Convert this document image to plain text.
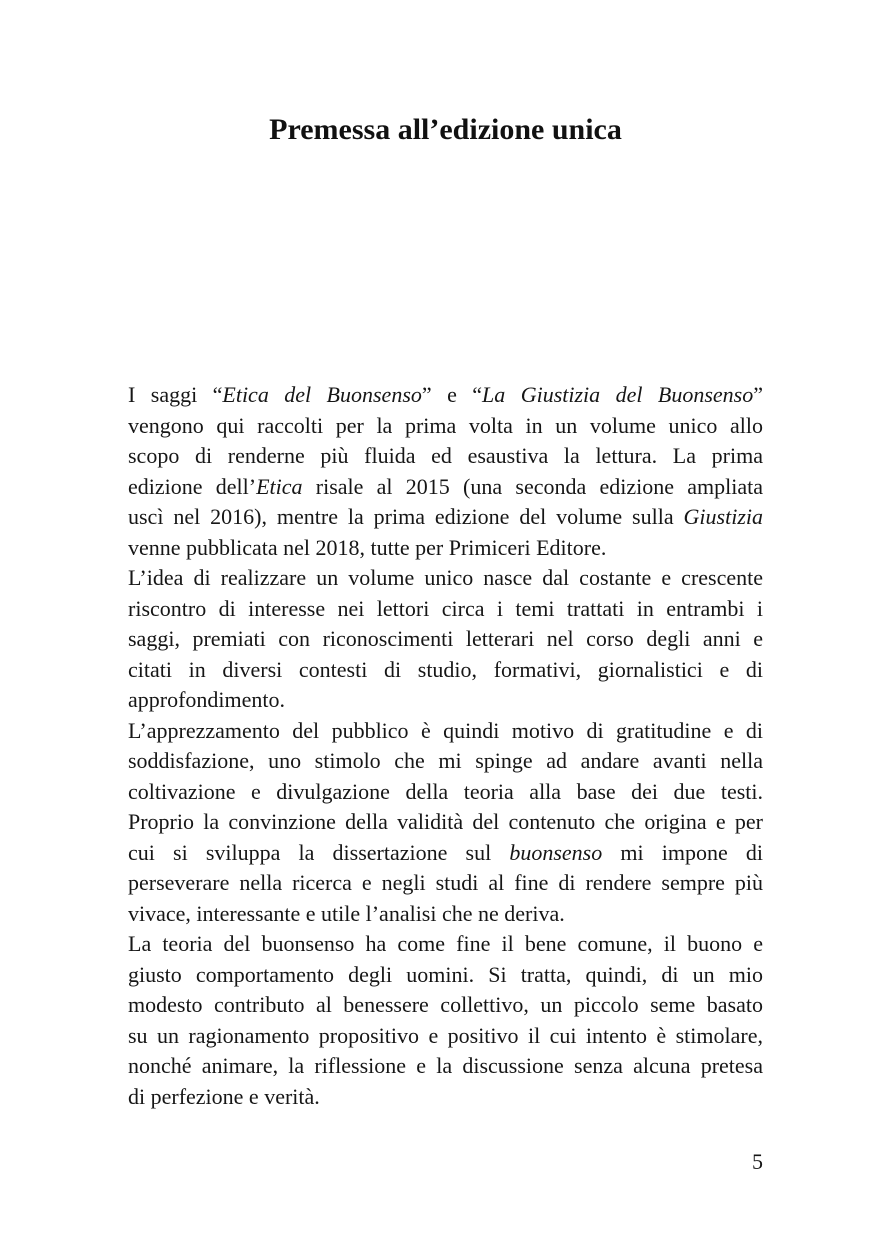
Premessa all’edizione unica
I saggi “Etica del Buonsenso” e “La Giustizia del Buonsenso”
vengono qui raccolti per la prima volta in un volume unico allo
scopo di renderne più fluida ed esaustiva la lettura. La prima
edizione dell’Etica risale al 2015 (una seconda edizione ampliata
uscì nel 2016), mentre la prima edizione del volume sulla Giustizia
venne pubblicata nel 2018, tutte per Primiceri Editore.
L’idea di realizzare un volume unico nasce dal costante e crescente
riscontro di interesse nei lettori circa i temi trattati in entrambi i
saggi, premiati con riconoscimenti letterari nel corso degli anni e
citati in diversi contesti di studio, formativi, giornalistici e di
approfondimento.
L’apprezzamento del pubblico è quindi motivo di gratitudine e di
soddisfazione, uno stimolo che mi spinge ad andare avanti nella
coltivazione e divulgazione della teoria alla base dei due testi.
Proprio la convinzione della validità del contenuto che origina e per
cui si sviluppa la dissertazione sul buonsenso mi impone di
perseverare nella ricerca e negli studi al fine di rendere sempre più
vivace, interessante e utile l’analisi che ne deriva.
La teoria del buonsenso ha come fine il bene comune, il buono e
giusto comportamento degli uomini. Si tratta, quindi, di un mio
modesto contributo al benessere collettivo, un piccolo seme basato
su un ragionamento propositivo e positivo il cui intento è stimolare,
nonché animare, la riflessione e la discussione senza alcuna pretesa
di perfezione e verità.
5
